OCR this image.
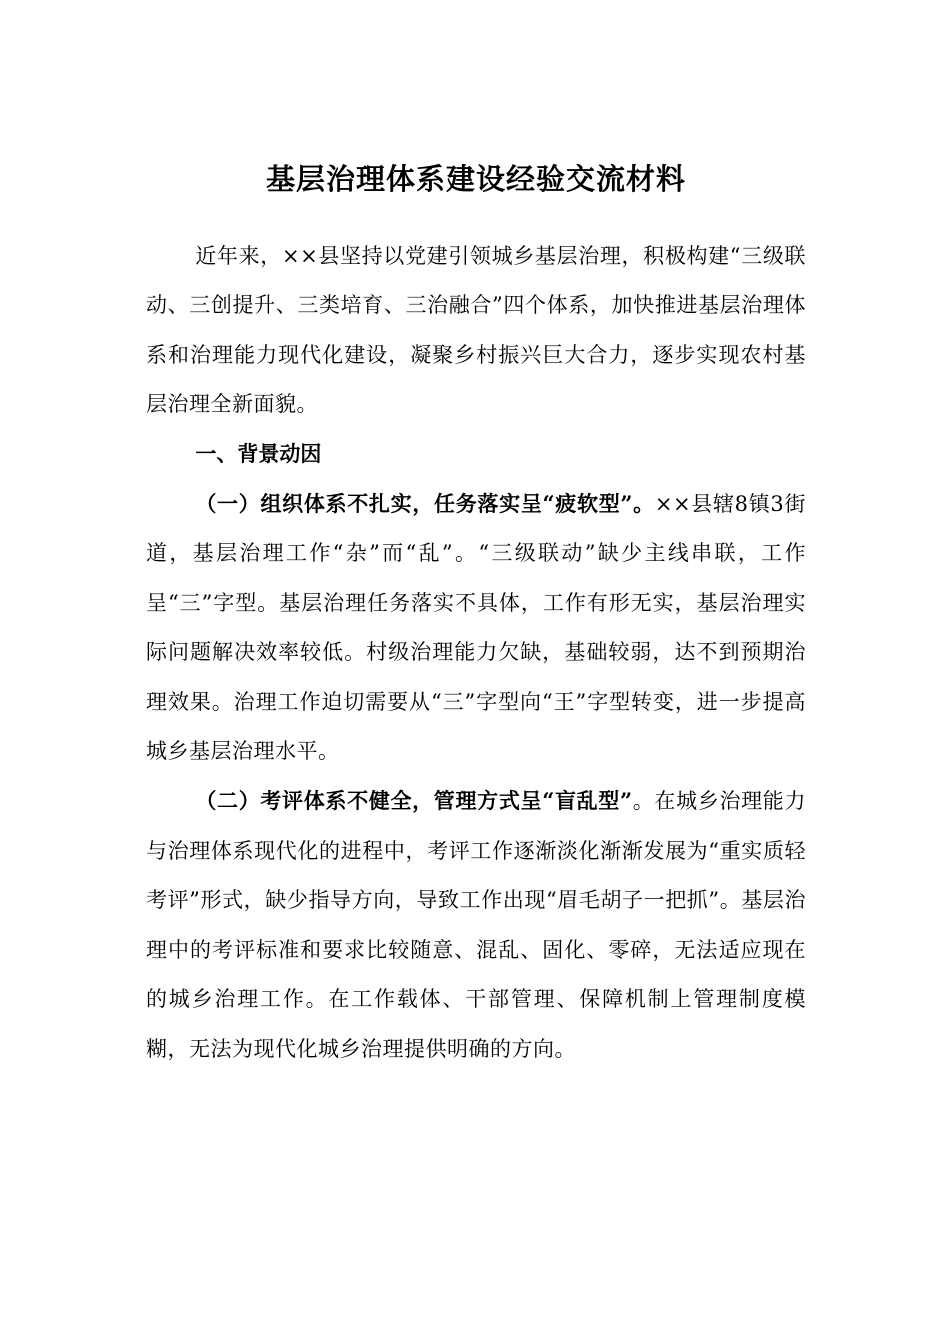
基层治理体系建设经验交流材料

近年来，××县坚持以党建引领城乡基层治理，积极构建“三级联动、三创提升、三类培育、三治融合”四个体系，加快推进基层治理体系和治理能力现代化建设，凝聚乡村振兴巨大合力，逐步实现农村基层治理全新面貌。

一、背景动因

（一）组织体系不扎实，任务落实呈“疲软型”。××县辖8镇3街道，基层治理工作“杂”而“乱”。“三级联动”缺少主线串联，工作呈“三”字型。基层治理任务落实不具体，工作有形无实，基层治理实际问题解决效率较低。村级治理能力欠缺，基础较弱，达不到预期治理效果。治理工作迫切需要从“三”字型向“王”字型转变，进一步提高城乡基层治理水平。

（二）考评体系不健全，管理方式呈“盲乱型”。在城乡治理能力与治理体系现代化的进程中，考评工作逐渐淡化渐渐发展为“重实质轻考评”形式，缺少指导方向，导致工作出现“眉毛胡子一把抓”。基层治理中的考评标准和要求比较随意、混乱、固化、零碎，无法适应现在的城乡治理工作。在工作载体、干部管理、保障机制上管理制度模糊，无法为现代化城乡治理提供明确的方向。
